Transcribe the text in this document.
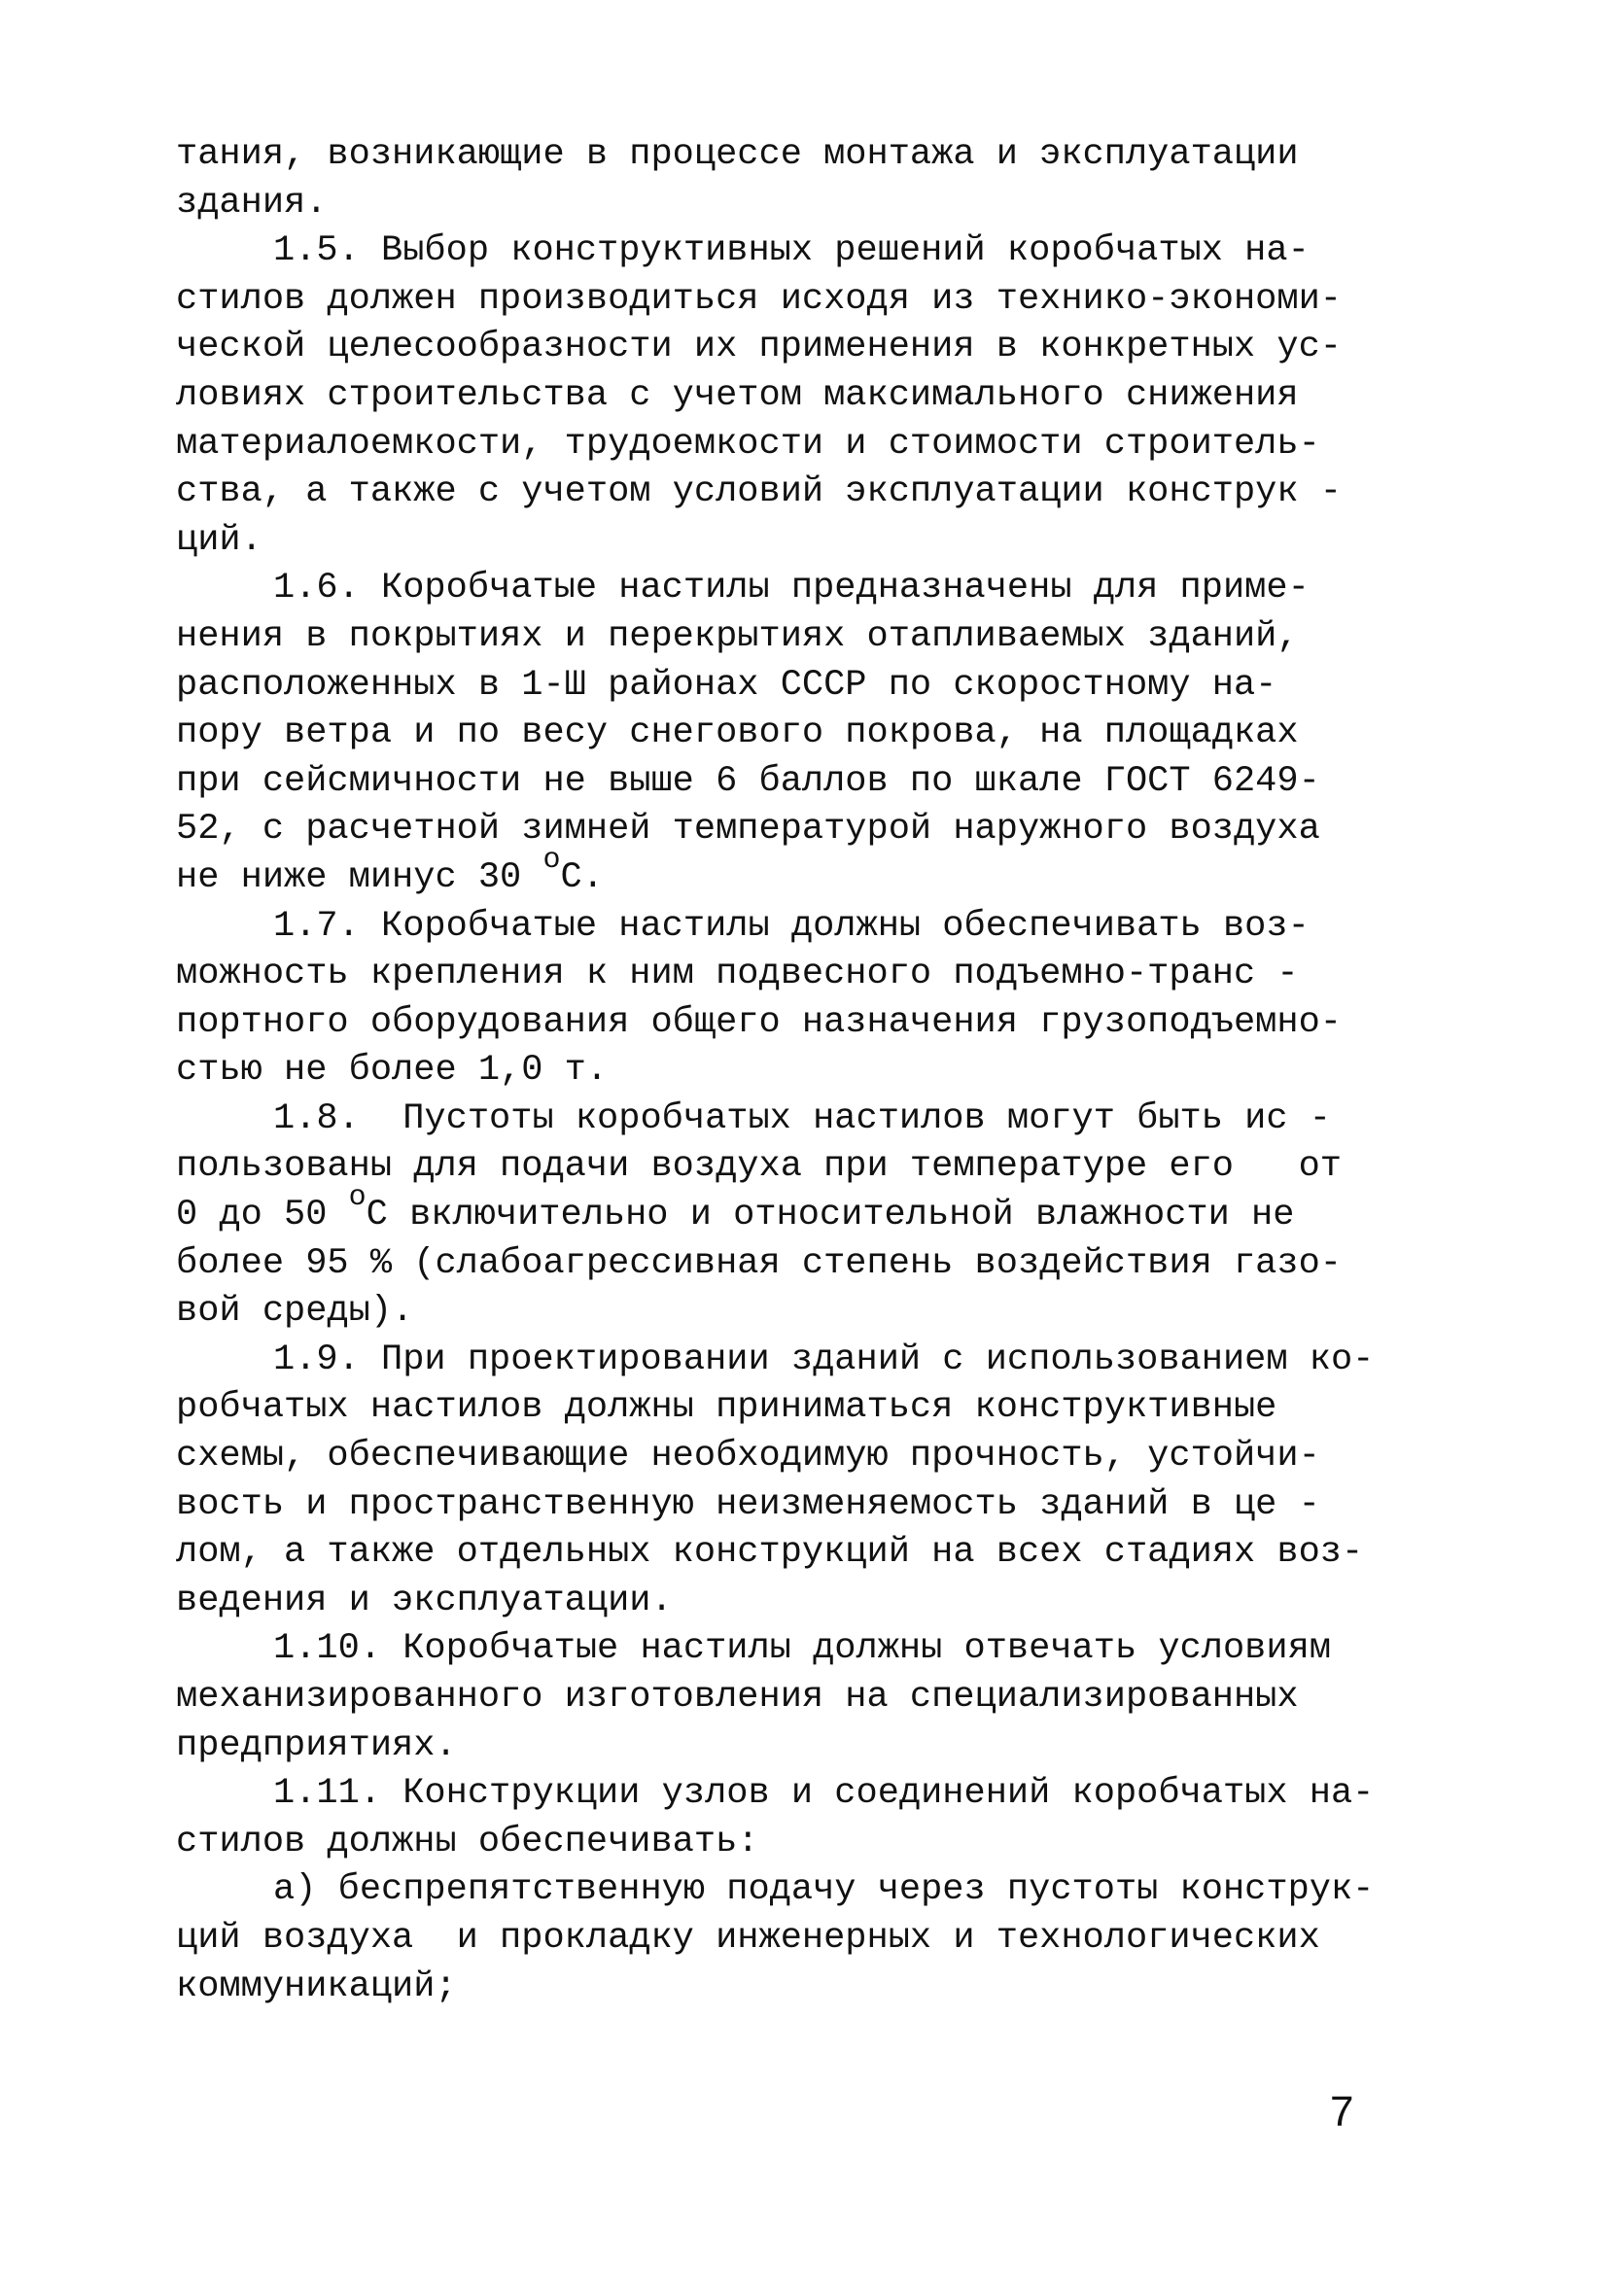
тания, возникающие в процессе монтажа и эксплуатации
здания.
1.5. Выбор конструктивных решений коробчатых на-
стилов должен производиться исходя из технико-экономи-
ческой целесообразности их применения в конкретных ус-
ловиях строительства с учетом максимального снижения
материалоемкости, трудоемкости и стоимости строитель-
ства, а также с учетом условий эксплуатации конструк -
ций.
1.6. Коробчатые настилы предназначены для приме-
нения в покрытиях и перекрытиях отапливаемых зданий,
расположенных в 1-Ш районах СССР по скоростному на-
пору ветра и по весу снегового покрова, на площадках
при сейсмичности не выше 6 баллов по шкале ГОСТ 6249-
52, с расчетной зимней температурой наружного воздуха
не ниже минус 30 $^о$С.
1.7. Коробчатые настилы должны обеспечивать воз-
можность крепления к ним подвесного подъемно-транс -
портного оборудования общего назначения грузоподъемно-
стью не более 1,0 т.
1.8.  Пустоты коробчатых настилов могут быть ис -
пользованы для подачи воздуха при температуре его   от
0 до 50 $^о$С включительно и относительной влажности не
более 95 % (слабоагрессивная степень воздействия газо-
вой среды).
1.9. При проектировании зданий с использованием ко-
робчатых настилов должны приниматься конструктивные
схемы, обеспечивающие необходимую прочность, устойчи-
вость и пространственную неизменяемость зданий в це -
лом, а также отдельных конструкций на всех стадиях воз-
ведения и эксплуатации.
1.10. Коробчатые настилы должны отвечать условиям
механизированного изготовления на специализированных
предприятиях.
1.11. Конструкции узлов и соединений коробчатых на-
стилов должны обеспечивать:
а) беспрепятственную подачу через пустоты конструк-
ций воздуха  и прокладку инженерных и технологических
коммуникаций;
7
